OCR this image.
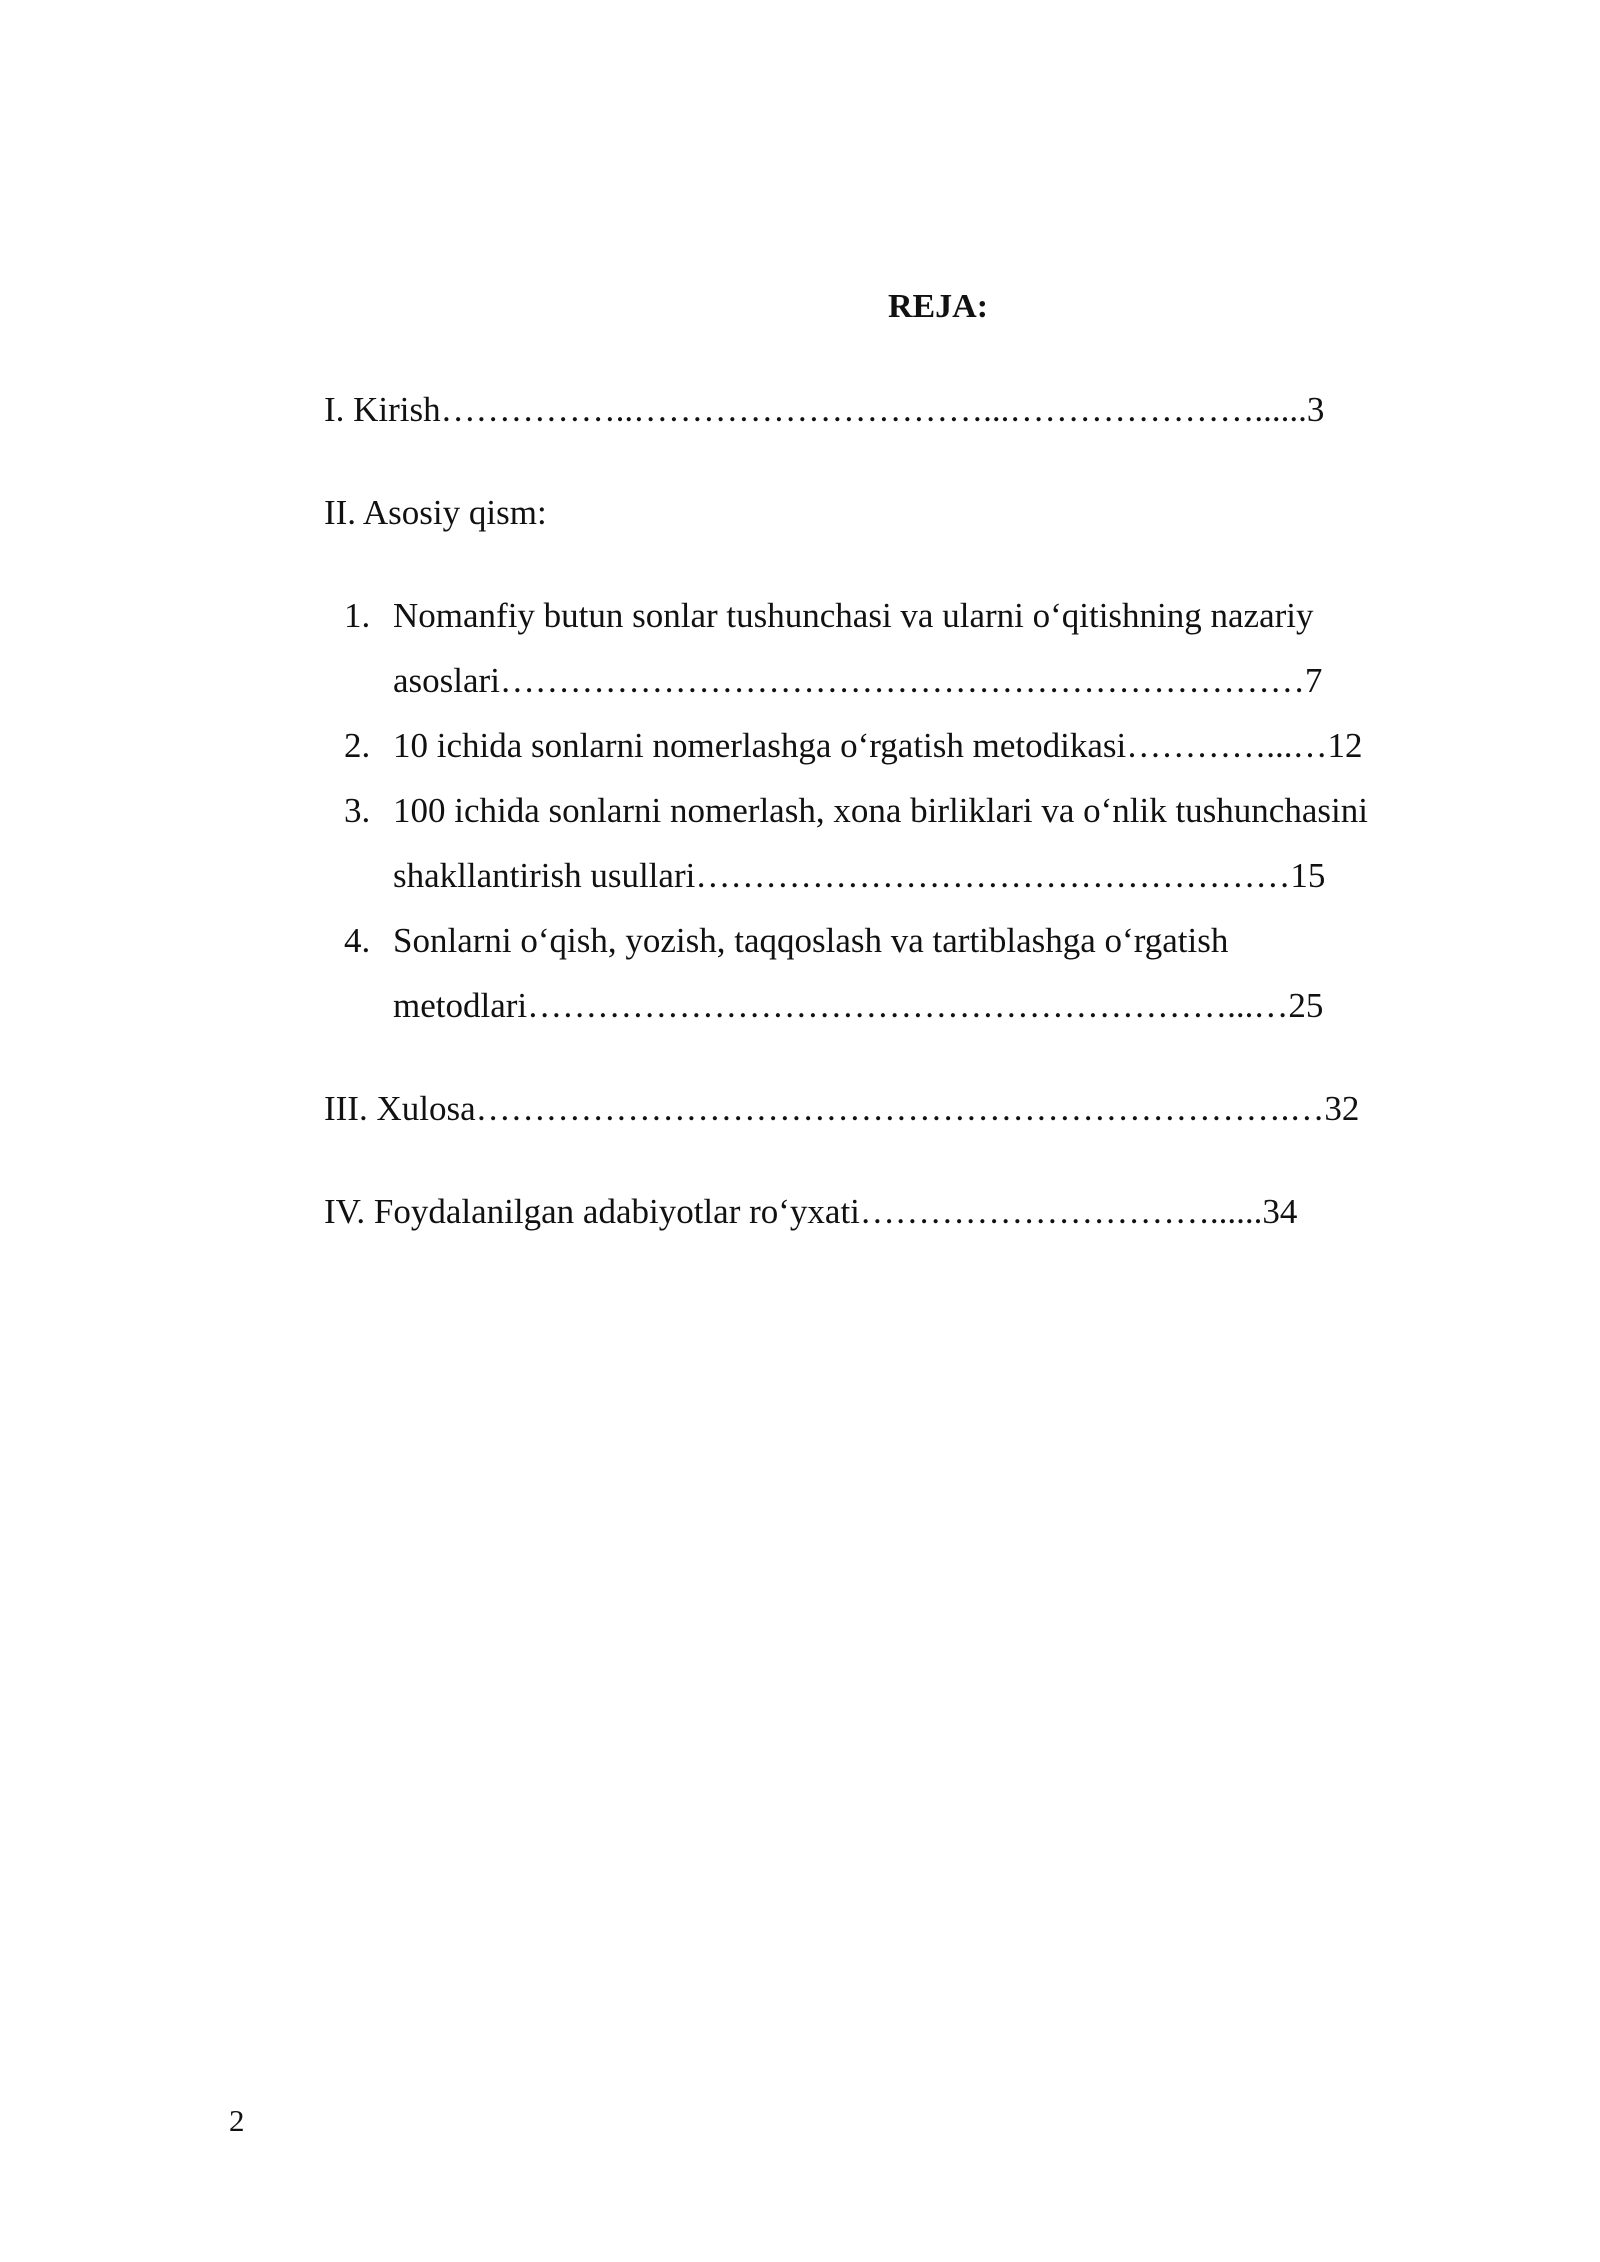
REJA:
I. Kirish……………..…………………………...…………………......3
II. Asosiy qism:
1. Nomanfiy butun sonlar tushunchasi va ularni o‘qitishning nazariy
asoslari……………………………………………………………7
2. 10 ichida sonlarni nomerlashga o‘rgatish metodikasi…………...…12
3. 100 ichida sonlarni nomerlash, xona birliklari va o‘nlik tushunchasini
shakllantirish usullari……………………………………………15
4. Sonlarni o‘qish, yozish, taqqoslash va tartiblashga o‘rgatish
metodlari……………………………………………………...…25
III. Xulosa…………………………………………………………….…32
IV. Foydalanilgan adabiyotlar ro‘yxati…………………………......34
2
